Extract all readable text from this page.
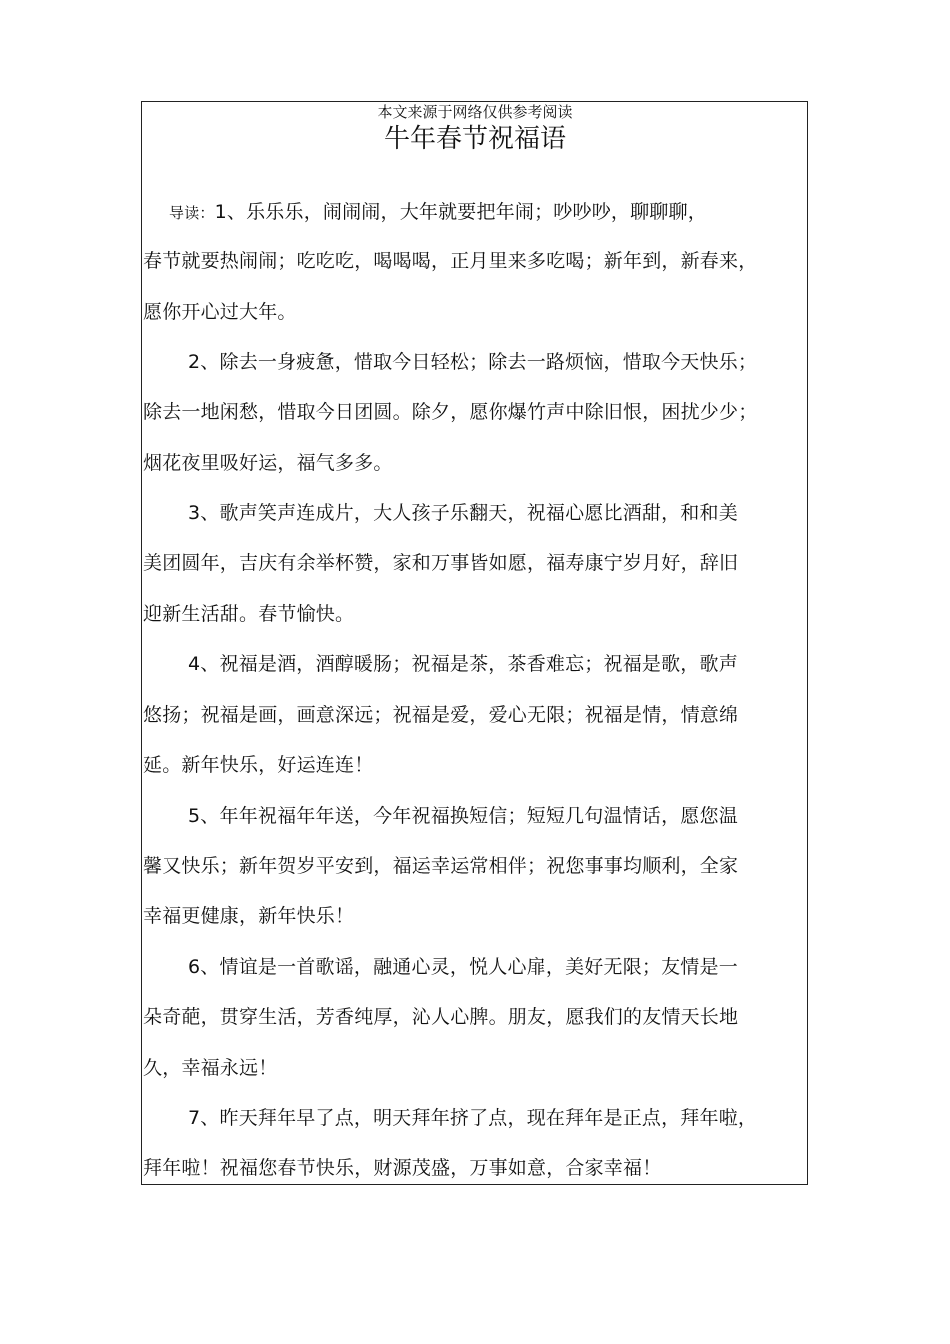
本文来源于网络仅供参考阅读
牛年春节祝福语
导读：1、乐乐乐，闹闹闹，大年就要把年闹；吵吵吵，聊聊聊，
春节就要热闹闹；吃吃吃，喝喝喝，正月里来多吃喝；新年到，新春来，
愿你开心过大年。
2、除去一身疲惫，惜取今日轻松；除去一路烦恼，惜取今天快乐；
除去一地闲愁，惜取今日团圆。除夕，愿你爆竹声中除旧恨，困扰少少；
烟花夜里吸好运，福气多多。
3、歌声笑声连成片，大人孩子乐翻天，祝福心愿比酒甜，和和美
美团圆年，吉庆有余举杯赞，家和万事皆如愿，福寿康宁岁月好，辞旧
迎新生活甜。春节愉快。
4、祝福是酒，酒醇暖肠；祝福是茶，茶香难忘；祝福是歌，歌声
悠扬；祝福是画，画意深远；祝福是爱，爱心无限；祝福是情，情意绵
延。新年快乐，好运连连！
5、年年祝福年年送，今年祝福换短信；短短几句温情话，愿您温
馨又快乐；新年贺岁平安到，福运幸运常相伴；祝您事事均顺利，全家
幸福更健康，新年快乐！
6、情谊是一首歌谣，融通心灵，悦人心扉，美好无限；友情是一
朵奇葩，贯穿生活，芳香纯厚，沁人心脾。朋友，愿我们的友情天长地
久，幸福永远！
7、昨天拜年早了点，明天拜年挤了点，现在拜年是正点，拜年啦，
拜年啦！祝福您春节快乐，财源茂盛，万事如意，合家幸福！
